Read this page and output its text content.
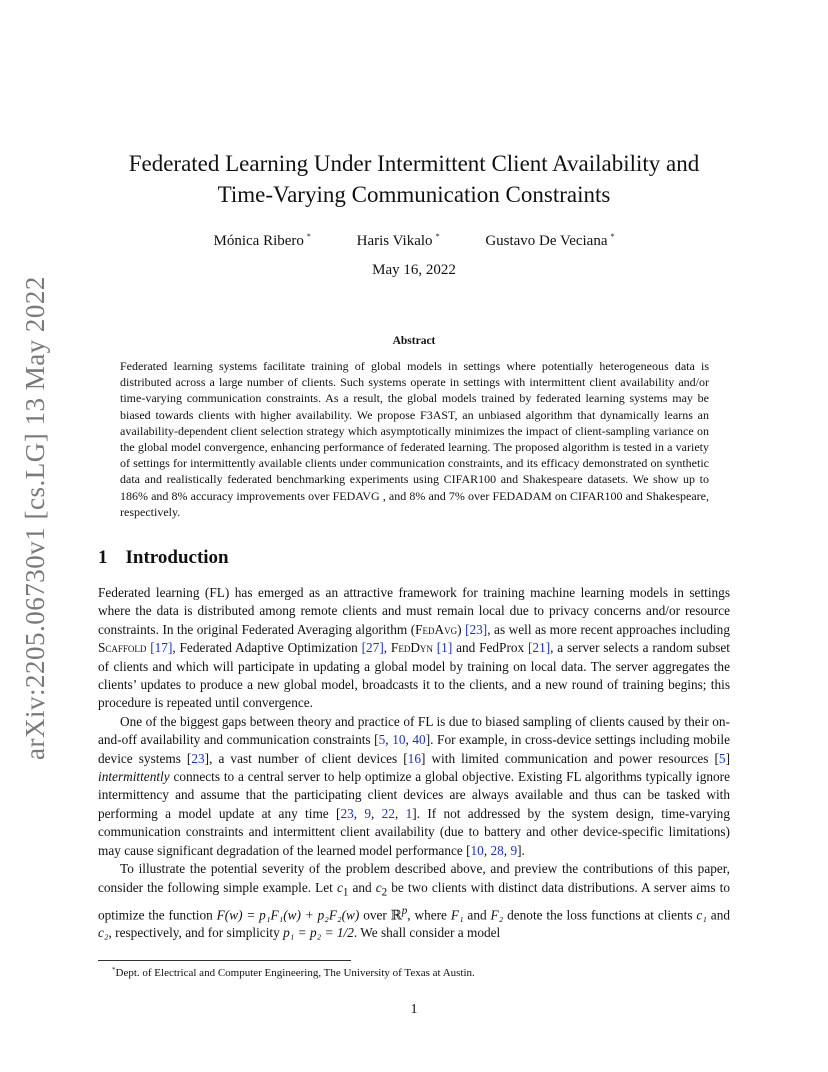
arXiv:2205.06730v1 [cs.LG] 13 May 2022
Federated Learning Under Intermittent Client Availability and
Time-Varying Communication Constraints
Mónica Ribero *	Haris Vikalo *	Gustavo De Veciana *
May 16, 2022
Abstract

Federated learning systems facilitate training of global models in settings where potentially heterogeneous data is distributed across a large number of clients. Such systems operate in settings with intermittent client availability and/or time-varying communication constraints. As a result, the global models trained by federated learning systems may be biased towards clients with higher availability. We propose F3AST, an unbiased algorithm that dynamically learns an availability-dependent client selection strategy which asymptotically minimizes the impact of client-sampling variance on the global model convergence, enhancing performance of federated learning. The proposed algorithm is tested in a variety of settings for intermittently available clients under communication constraints, and its efficacy demonstrated on synthetic data and realistically federated benchmarking experiments using CIFAR100 and Shakespeare datasets. We show up to 186% and 8% accuracy improvements over FEDAVG , and 8% and 7% over FEDADAM on CIFAR100 and Shakespeare, respectively.

1 Introduction

Federated learning (FL) has emerged as an attractive framework for training machine learning models in settings where the data is distributed among remote clients and must remain local due to privacy concerns and/or resource constraints. In the original Federated Averaging algorithm (FedAvg) [23], as well as more recent approaches including Scaffold [17], Federated Adaptive Optimization [27], FedDyn [1] and FedProx [21], a server selects a random subset of clients and which will participate in updating a global model by training on local data. The server aggregates the clients’ updates to produce a new global model, broadcasts it to the clients, and a new round of training begins; this procedure is repeated until convergence.

One of the biggest gaps between theory and practice of FL is due to biased sampling of clients caused by their on-and-off availability and communication constraints [5, 10, 40]. For example, in cross-device settings including mobile device systems [23], a vast number of client devices [16] with limited communication and power resources [5] intermittently connects to a central server to help optimize a global objective. Existing FL algorithms typically ignore intermittency and assume that the participating client devices are always available and thus can be tasked with performing a model update at any time [23, 9, 22, 1]. If not addressed by the system design, time-varying communication constraints and intermittent client availability (due to battery and other device-specific limitations) may cause significant degradation of the learned model performance [10, 28, 9].

To illustrate the potential severity of the problem described above, and preview the contributions of this paper, consider the following simple example. Let $c_1$ and $c_2$ be two clients with distinct data distributions. A server aims to optimize the function F(w) = p₁F₁(w) + p₂F₂(w) over ℝ$^p$, where F₁ and F₂ denote the loss functions at clients c₁ and c₂, respectively, and for simplicity p₁ = p₂ = 1/2. We shall consider a model

*Dept. of Electrical and Computer Engineering, The University of Texas at Austin.
1
